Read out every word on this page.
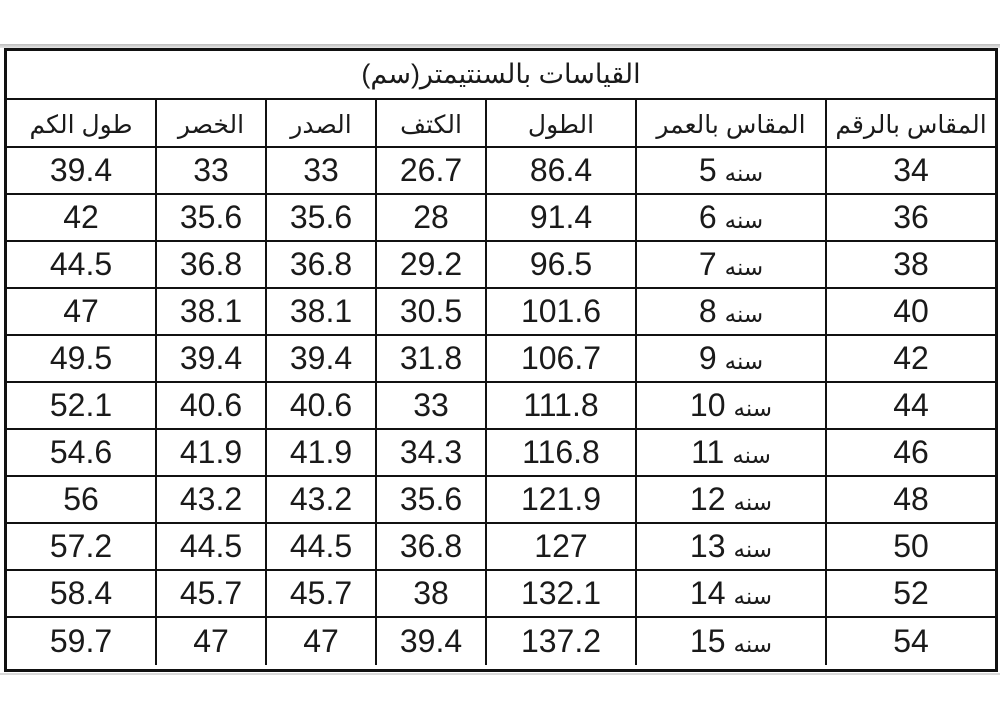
القياسات بالسنتيمتر(سم)
طول الكم	الخصر	الصدر	الكتف	الطول	المقاس بالعمر	المقاس بالرقم
39.4	33	33	26.7	86.4	سنه5	34
42	35.6	35.6	28	91.4	سنه6	36
44.5	36.8	36.8	29.2	96.5	سنه7	38
47	38.1	38.1	30.5	101.6	سنه8	40
49.5	39.4	39.4	31.8	106.7	سنه9	42
52.1	40.6	40.6	33	111.8	سنه10	44
54.6	41.9	41.9	34.3	116.8	سنه11	46
56	43.2	43.2	35.6	121.9	سنه12	48
57.2	44.5	44.5	36.8	127	سنه13	50
58.4	45.7	45.7	38	132.1	سنه14	52
59.7	47	47	39.4	137.2	سنه15	54
